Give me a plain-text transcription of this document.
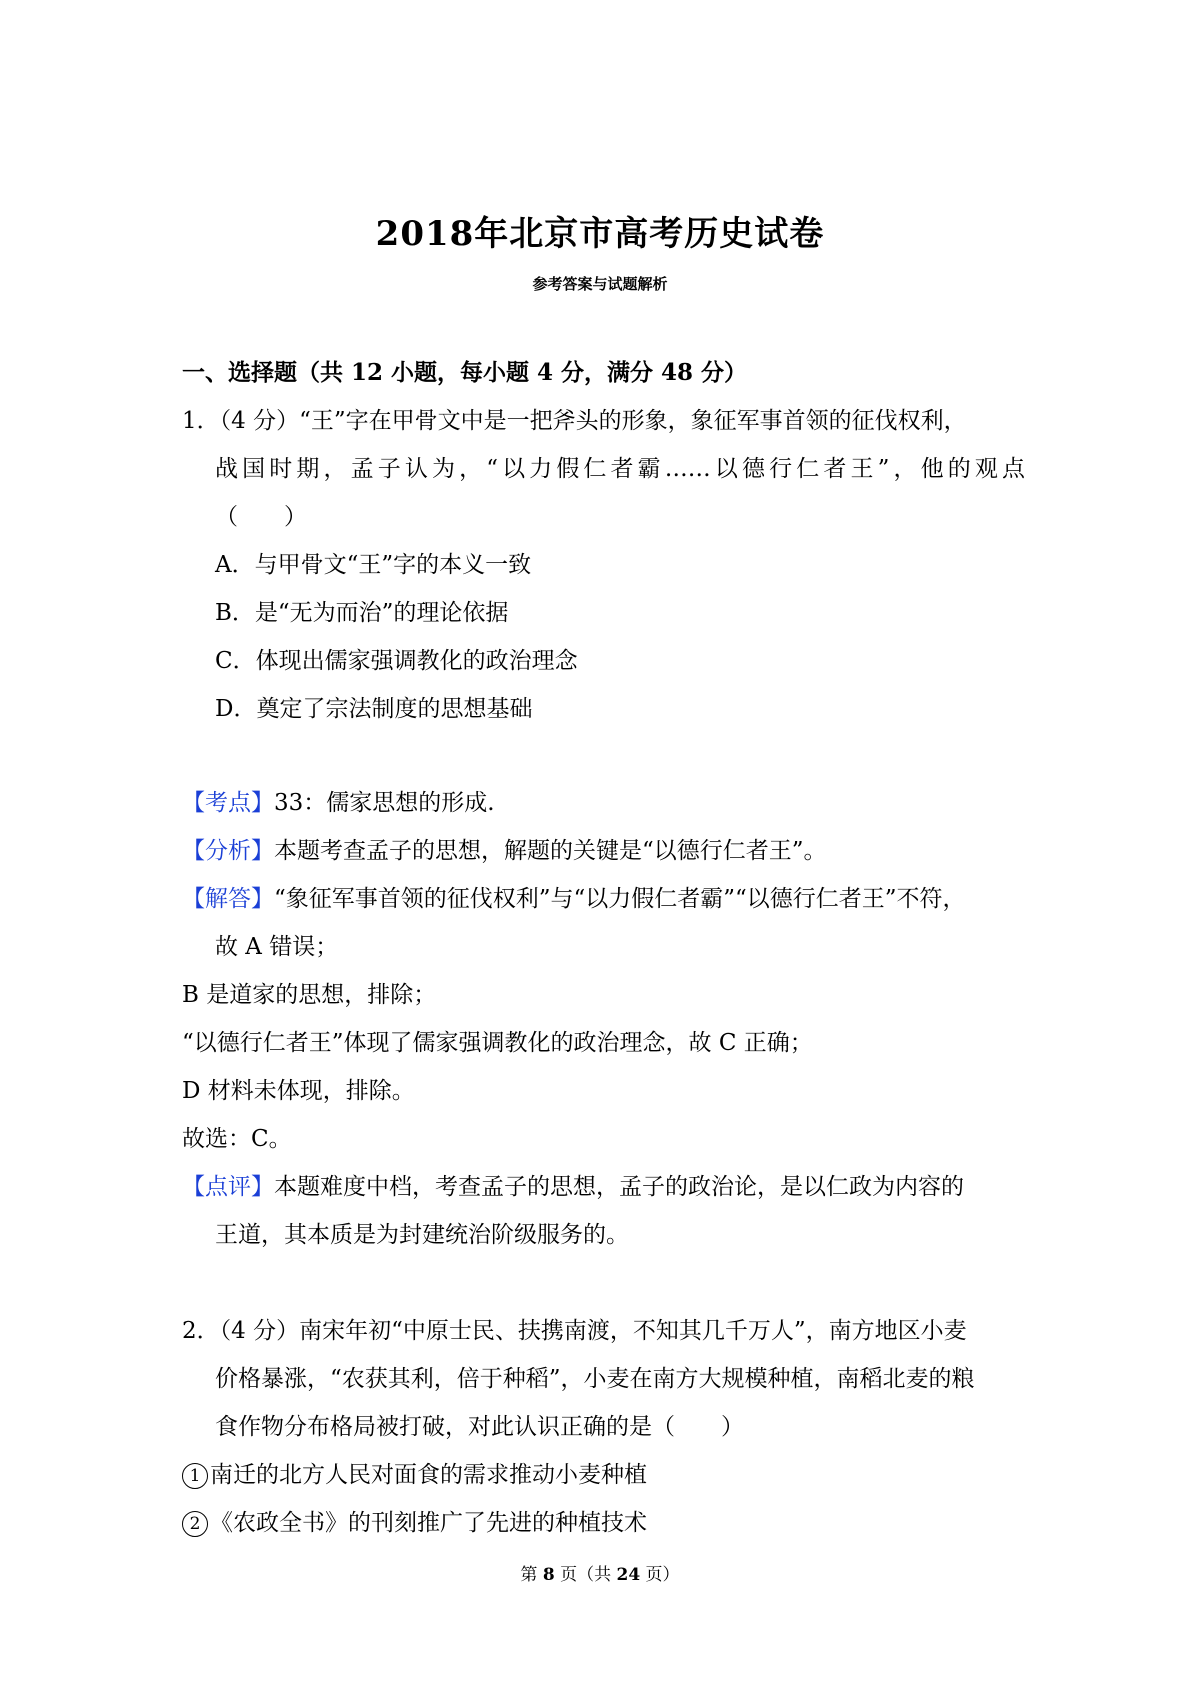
2018年北京市高考历史试卷
参考答案与试题解析
一、选择题（共 12 小题，每小题 4 分，满分 48 分）
1．（4 分）“王”字在甲骨文中是一把斧头的形象，象征军事首领的征伐权利，
战国时期，孟子认为，“以力假仁者霸……以德行仁者王”，他的观点
（　　）
A．与甲骨文“王”字的本义一致
B．是“无为而治”的理论依据
C．体现出儒家强调教化的政治理念
D．奠定了宗法制度的思想基础
【考点】33：儒家思想的形成.
【分析】本题考查孟子的思想，解题的关键是“以德行仁者王”。
【解答】“象征军事首领的征伐权利”与“以力假仁者霸”“以德行仁者王”不符，
故 A 错误；
B 是道家的思想，排除；
“以德行仁者王”体现了儒家强调教化的政治理念，故 C 正确；
D 材料未体现，排除。
故选：C。
【点评】本题难度中档，考查孟子的思想，孟子的政治论，是以仁政为内容的
王道，其本质是为封建统治阶级服务的。
2．（4 分）南宋年初“中原士民、扶携南渡，不知其几千万人”，南方地区小麦
价格暴涨，“农获其利，倍于种稻”，小麦在南方大规模种植，南稻北麦的粮
食作物分布格局被打破，对此认识正确的是（　　）
1 南迁的北方人民对面食的需求推动小麦种植
2 《农政全书》的刊刻推广了先进的种植技术
第 8 页（共 24 页）
